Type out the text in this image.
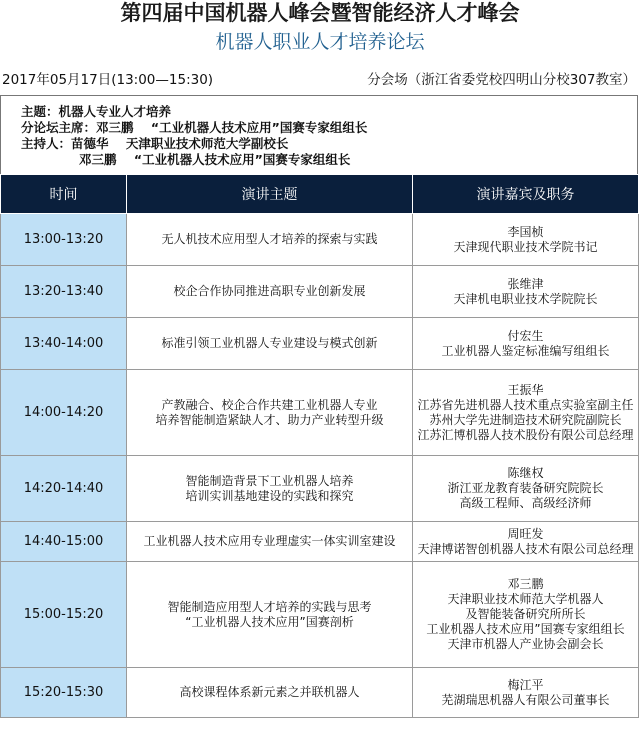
第四届中国机器人峰会暨智能经济人才峰会
机器人职业人才培养论坛
2017年05月17日(13:00—15:30)	分会场（浙江省委党校四明山分校307教室）
主题：机器人专业人才培养
分论坛主席：邓三鹏    “工业机器人技术应用”国赛专家组组长
主持人：苗德华    天津职业技术师范大学副校长
邓三鹏    “工业机器人技术应用”国赛专家组组长
时间	演讲主题	演讲嘉宾及职务
13:00-13:20	无人机技术应用型人才培养的探索与实践	李国桢
天津现代职业技术学院书记

13:20-13:40	校企合作协同推进高职专业创新发展	张维津
天津机电职业技术学院院长

13:40-14:00	标准引领工业机器人专业建设与模式创新	付宏生
工业机器人鉴定标准编写组组长

14:00-14:20	产教融合、校企合作共建工业机器人专业
培养智能制造紧缺人才、助力产业转型升级	王振华
江苏省先进机器人技术重点实验室副主任
苏州大学先进制造技术研究院副院长
江苏汇博机器人技术股份有限公司总经理

14:20-14:40	智能制造背景下工业机器人培养
培训实训基地建设的实践和探究	陈继权
浙江亚龙教育装备研究院院长
高级工程师、高级经济师

14:40-15:00	工业机器人技术应用专业理虚实一体实训室建设	周旺发
天津博诺智创机器人技术有限公司总经理

15:00-15:20	智能制造应用型人才培养的实践与思考
“工业机器人技术应用”国赛剖析	邓三鹏
天津职业技术师范大学机器人
及智能装备研究所所长
工业机器人技术应用”国赛专家组组长
天津市机器人产业协会副会长

15:20-15:30	高校课程体系新元素之并联机器人	梅江平
芜湖瑞思机器人有限公司董事长
